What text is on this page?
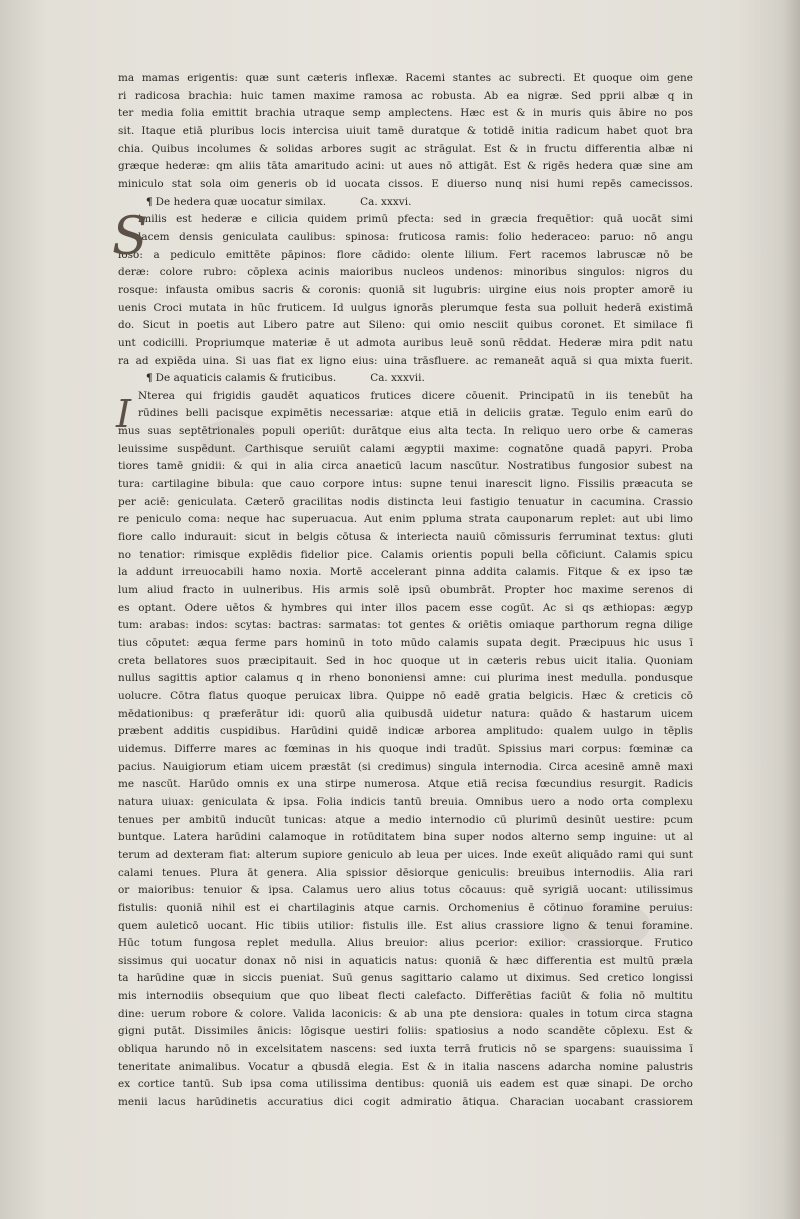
ma mamas erigentis: quæ sunt cæteris inflexæ. Racemi stantes ac subrecti. Et quoque oim gene
ri radicosa brachia: huic tamen maxime ramosa ac robusta. Ab ea nigræ. Sed pprii albæ q in
ter media folia emittit brachia utraque semp amplectens. Hæc est & in muris quis ābire no pos
sit. Itaque etiā pluribus locis intercisa uiuit tamē duratque & totidē initia radicum habet quot bra
chia. Quibus incolumes & solidas arbores sugit ac strāgulat. Est & in fructu differentia albæ ni
græque hederæ: qm aliis tāta amaritudo acini: ut aues nō attigāt. Est & rigēs hedera quæ sine am
miniculo stat sola oim generis ob id uocata cissos. E diuerso nunq nisi humi repēs camecissos.
¶ De hedera quæ uocatur similax.	Ca. xxxvi.
S
imilis est hederæ e cilicia quidem primū pfecta: sed in græcia frequētior: quā uocāt simi
lacem densis geniculata caulibus: spinosa: fruticosa ramis: folio hederaceo: paruo: nō angu
loso: a pediculo emittēte pāpinos: flore cādido: olente lilium. Fert racemos labruscæ nō be
deræ: colore rubro: cōplexa acinis maioribus nucleos undenos: minoribus singulos: nigros du
rosque: infausta omibus sacris & coronis: quoniā sit lugubris: uirgine eius nois propter amorē iu
uenis Croci mutata in hūc fruticem. Id uulgus ignorās plerumque festa sua polluit hederā existimā
do. Sicut in poetis aut Libero patre aut Sileno: qui omio nesciit quibus coronet. Et similace fi
unt codicilli. Propriumque materiæ ē ut admota auribus leuē sonū rēddat. Hederæ mira pdit natu
ra ad expiēda uina. Si uas fiat ex ligno eius: uina trāsfluere. ac remaneāt aquā si qua mixta fuerit.
¶ De aquaticis calamis & fruticibus.	Ca. xxxvii.
I Nterea qui frigidis gaudēt aquaticos frutices dicere cōuenit. Principatū in iis tenebūt ha
rūdines belli pacisque expimētis necessariæ: atque etiā in deliciis gratæ. Tegulo enim earū do
mus suas septētrionales populi operiūt: durātque eius alta tecta. In reliquo uero orbe & cameras
leuissime suspēdunt. Carthisque seruiūt calami ægyptii maxime: cognatōne quadā papyri. Proba
tiores tamē gnidii: & qui in alia circa anaeticū lacum nascūtur. Nostratibus fungosior subest na
tura: cartilagine bibula: que cauo corpore intus: supne tenui inarescit ligno. Fissilis præacuta se
per aciē: geniculata. Cæterō gracilitas nodis distincta leui fastigio tenuatur in cacumina. Crassio
re peniculo coma: neque hac superuacua. Aut enim ppluma strata cauponarum replet: aut ubi limo
fiore callo indurauit: sicut in belgis cōtusa & interiecta nauiū cōmissuris ferruminat textus: gluti
no tenatior: rimisque explēdis fidelior pice. Calamis orientis populi bella cōficiunt. Calamis spicu
la addunt irreuocabili hamo noxia. Mortē accelerant pinna addita calamis. Fitque & ex ipso tæ
lum aliud fracto in uulneribus. His armis solē ipsū obumbrāt. Propter hoc maxime serenos di
es optant. Odere uētos & hymbres qui inter illos pacem esse cogūt. Ac si qs æthiopas: ægyp
tum: arabas: indos: scytas: bactras: sarmatas: tot gentes & oriētis omiaque parthorum regna dilige
tius cōputet: æqua ferme pars hominū in toto mūdo calamis supata degit. Præcipuus hic usus ī
creta bellatores suos præcipitauit. Sed in hoc quoque ut in cæteris rebus uicit italia. Quoniam
nullus sagittis aptior calamus q in rheno bononiensi amne: cui plurima inest medulla. pondusque
uolucre. Cōtra flatus quoque peruicax libra. Quippe nō eadē gratia belgicis. Hæc & creticis cō
mēdationibus: q præferātur idi: quorū alia quibusdā uidetur natura: quādo & hastarum uicem
præbent additis cuspidibus. Harūdini quidē indicæ arborea amplitudo: qualem uulgo in tēplis
uidemus. Differre mares ac fœminas in his quoque indi tradūt. Spissius mari corpus: fœminæ ca
pacius. Nauigiorum etiam uicem præstāt (si credimus) singula internodia. Circa acesinē amnē maxi
me nascūt. Harūdo omnis ex una stirpe numerosa. Atque etiā recisa fœcundius resurgit. Radicis
natura uiuax: geniculata & ipsa. Folia indicis tantū breuia. Omnibus uero a nodo orta complexu
tenues per ambitū inducūt tunicas: atque a medio internodio cū plurimū desinūt uestire: pcum
buntque. Latera harūdini calamoque in rotūditatem bina super nodos alterno semp inguine: ut al
terum ad dexteram fiat: alterum supiore geniculo ab leua per uices. Inde exeūt aliquādo rami qui sunt
calami tenues. Plura āt genera. Alia spissior dēsiorque geniculis: breuibus internodiis. Alia rari
or maioribus: tenuior & ipsa. Calamus uero alius totus cōcauus: quē syrigiā uocant: utilissimus
fistulis: quoniā nihil est ei chartilaginis atque carnis. Orchomenius ē cōtinuo foramine peruius:
quem auleticō uocant. Hic tibiis utilior: fistulis ille. Est alius crassiore ligno & tenui foramine.
Hūc totum fungosa replet medulla. Alius breuior: alius pcerior: exilior: crassiorque. Frutico
sissimus qui uocatur donax nō nisi in aquaticis natus: quoniā & hæc differentia est multū præla
ta harūdine quæ in siccis pueniat. Suū genus sagittario calamo ut diximus. Sed cretico longissi
mis internodiis obsequium que quo libeat flecti calefacto. Differētias faciūt & folia nō multitu
dine: uerum robore & colore. Valida laconicis: & ab una pte densiora: quales in totum circa stagna
gigni putāt. Dissimiles ānicis: lōgisque uestiri foliis: spatiosius a nodo scandēte cōplexu. Est &
obliqua harundo nō in excelsitatem nascens: sed iuxta terrā fruticis nō se spargens: suauissima ī
teneritate animalibus. Vocatur a qbusdā elegia. Est & in italia nascens adarcha nomine palustris
ex cortice tantū. Sub ipsa coma utilissima dentibus: quoniā uis eadem est quæ sinapi. De orcho
menii lacus harūdinetis accuratius dici cogit admiratio ātiqua. Characian uocabant crassiorem
